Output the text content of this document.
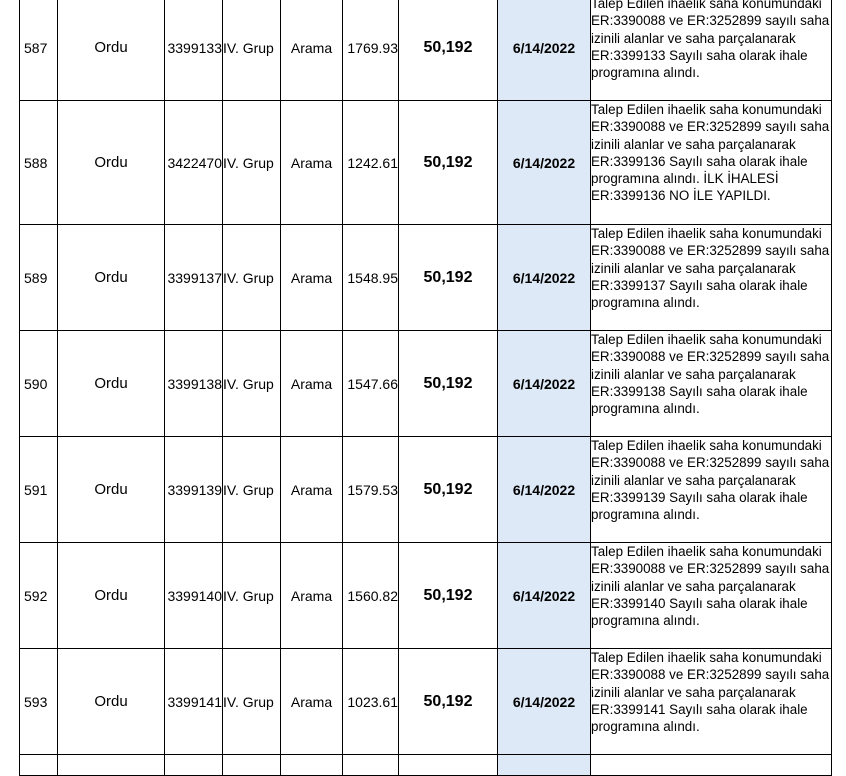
587	Ordu	3399133	IV. Grup	Arama	1769.93	50,192	6/14/2022	Talep Edilen ihaelik saha konumundaki ER:3390088 ve ER:3252899 sayılı saha izinili alanlar ve saha parçalanarak ER:3399133 Sayılı saha olarak ihale programına alındı.

588	Ordu	3422470	IV. Grup	Arama	1242.61	50,192	6/14/2022	Talep Edilen ihaelik saha konumundaki ER:3390088 ve ER:3252899 sayılı saha izinili alanlar ve saha parçalanarak ER:3399136 Sayılı saha olarak ihale programına alındı. İLK İHALESİ ER:3399136 NO İLE YAPILDI.

589	Ordu	3399137	IV. Grup	Arama	1548.95	50,192	6/14/2022	Talep Edilen ihaelik saha konumundaki ER:3390088 ve ER:3252899 sayılı saha izinili alanlar ve saha parçalanarak ER:3399137 Sayılı saha olarak ihale programına alındı.

590	Ordu	3399138	IV. Grup	Arama	1547.66	50,192	6/14/2022	Talep Edilen ihaelik saha konumundaki ER:3390088 ve ER:3252899 sayılı saha izinili alanlar ve saha parçalanarak ER:3399138 Sayılı saha olarak ihale programına alındı.

591	Ordu	3399139	IV. Grup	Arama	1579.53	50,192	6/14/2022	Talep Edilen ihaelik saha konumundaki ER:3390088 ve ER:3252899 sayılı saha izinili alanlar ve saha parçalanarak ER:3399139 Sayılı saha olarak ihale programına alındı.

592	Ordu	3399140	IV. Grup	Arama	1560.82	50,192	6/14/2022	Talep Edilen ihaelik saha konumundaki ER:3390088 ve ER:3252899 sayılı saha izinili alanlar ve saha parçalanarak ER:3399140 Sayılı saha olarak ihale programına alındı.

593	Ordu	3399141	IV. Grup	Arama	1023.61	50,192	6/14/2022	Talep Edilen ihaelik saha konumundaki ER:3390088 ve ER:3252899 sayılı saha izinili alanlar ve saha parçalanarak ER:3399141 Sayılı saha olarak ihale programına alındı.
